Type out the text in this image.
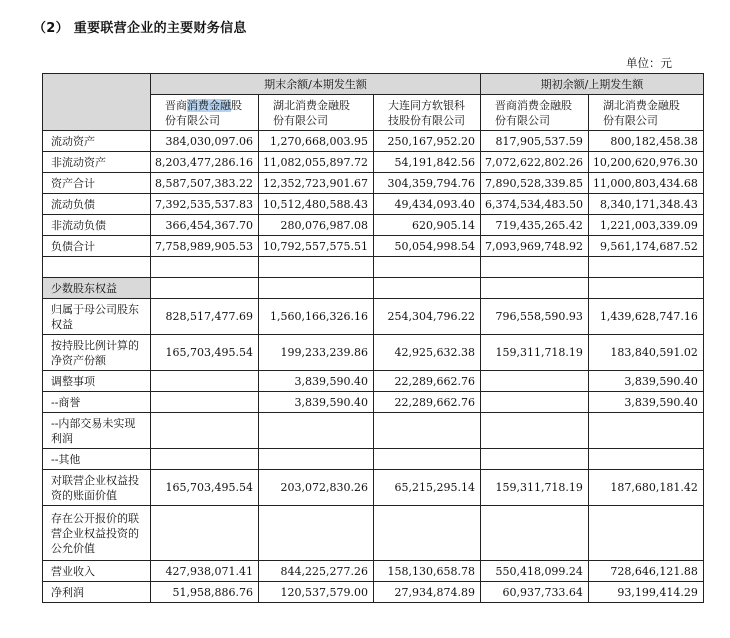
（2） 重要联营企业的主要财务信息
单位：元
	期末余额/本期发生额			期初余额/上期发生额	
	晋商消费金融股
份有限公司	湖北消费金融股
份有限公司	大连同方软银科
技股份有限公司	晋商消费金融股
份有限公司	湖北消费金融股
份有限公司
流动资产	384,030,097.06	1,270,668,003.95	250,167,952.20	817,905,537.59	800,182,458.38
非流动资产	8,203,477,286.16	11,082,055,897.72	54,191,842.56	7,072,622,802.26	10,200,620,976.30
资产合计	8,587,507,383.22	12,352,723,901.67	304,359,794.76	7,890,528,339.85	11,000,803,434.68
流动负债	7,392,535,537.83	10,512,480,588.43	49,434,093.40	6,374,534,483.50	8,340,171,348.43
非流动负债	366,454,367.70	280,076,987.08	620,905.14	719,435,265.42	1,221,003,339.09
负债合计	7,758,989,905.53	10,792,557,575.51	50,054,998.54	7,093,969,748.92	9,561,174,687.52

少数股东权益					
归属于母公司股东权益	828,517,477.69	1,560,166,326.16	254,304,796.22	796,558,590.93	1,439,628,747.16
按持股比例计算的净资产份额	165,703,495.54	199,233,239.86	42,925,632.38	159,311,718.19	183,840,591.02
调整事项		3,839,590.40	22,289,662.76		3,839,590.40
--商誉		3,839,590.40	22,289,662.76		3,839,590.40
--内部交易未实现利润					
--其他					
对联营企业权益投资的账面价值	165,703,495.54	203,072,830.26	65,215,295.14	159,311,718.19	187,680,181.42
存在公开报价的联营企业权益投资的公允价值					
营业收入	427,938,071.41	844,225,277.26	158,130,658.78	550,418,099.24	728,646,121.88
净利润	51,958,886.76	120,537,579.00	27,934,874.89	60,937,733.64	93,199,414.29
